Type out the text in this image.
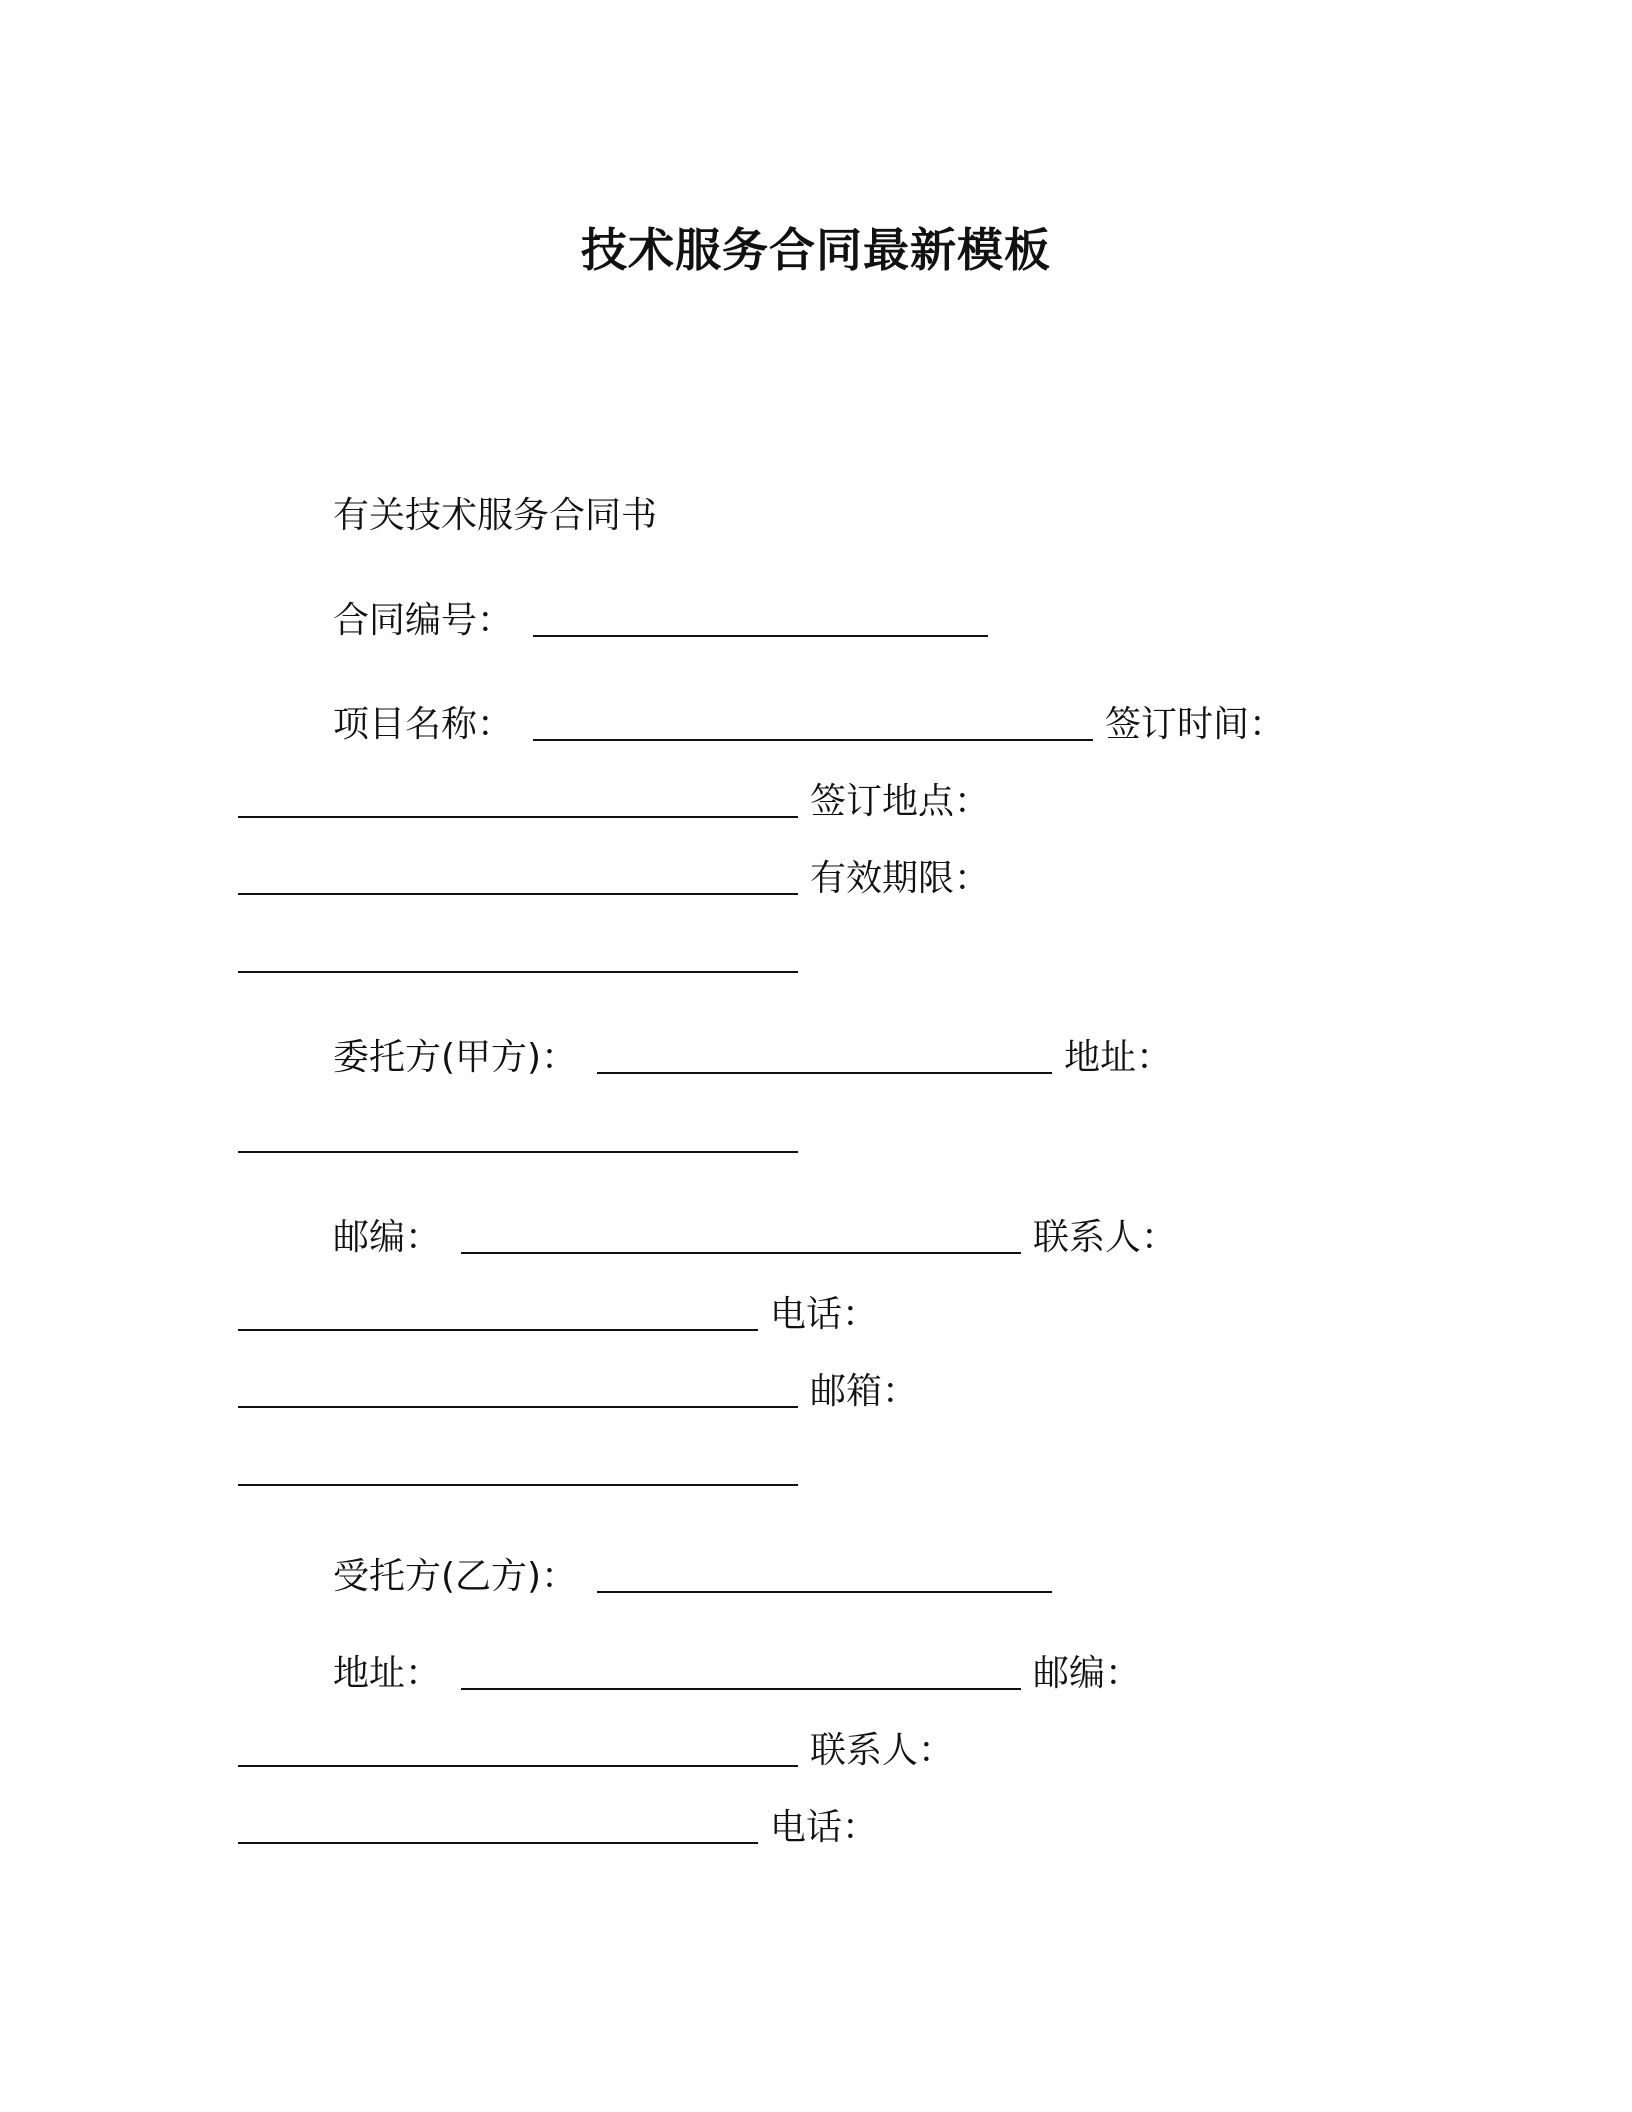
技术服务合同最新模板
有关技术服务合同书
合同编号：
项目名称：	签订时间：
签订地点：
有效期限：
委托方(甲方)：	地址：
邮编：	联系人：
电话：
邮箱：
受托方(乙方)：
地址：	邮编：
联系人：
电话：
